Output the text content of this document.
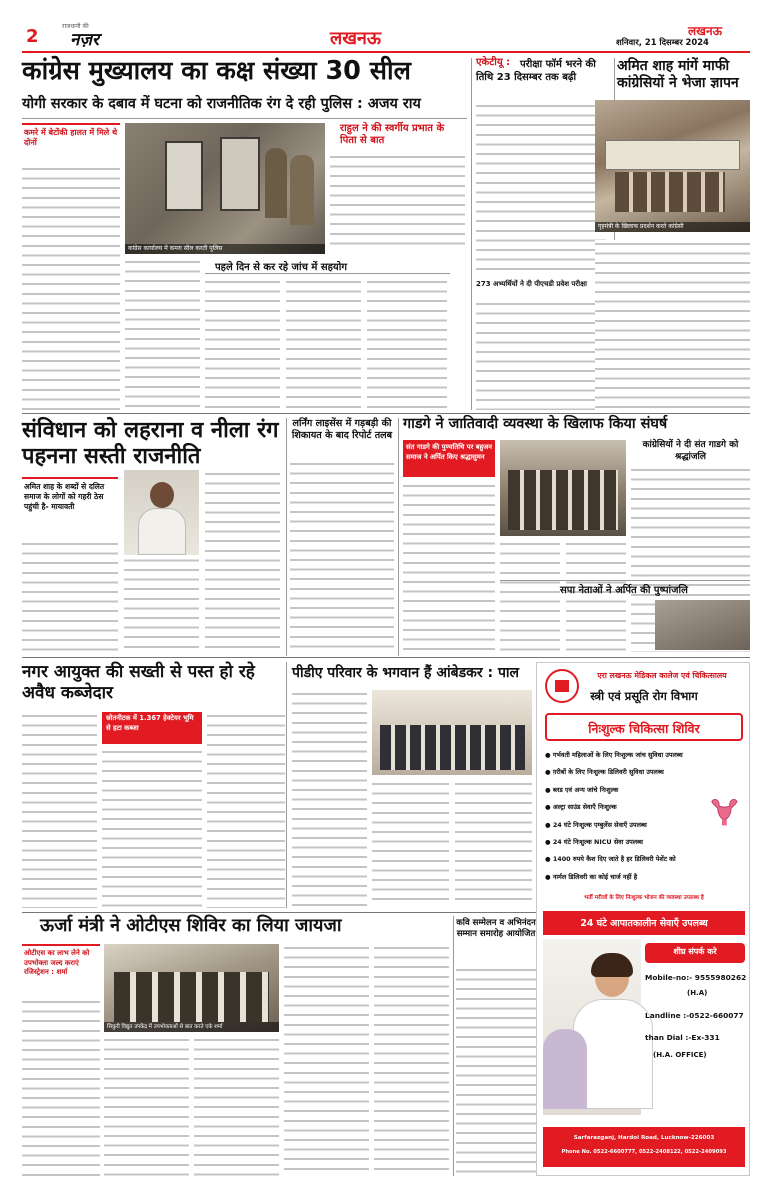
2	राजधानी की
नज़र	लखनऊ	लखनऊ
शनिवार, 21 दिसम्बर 2024
कांग्रेस मुख्यालय का कक्ष संख्या 30 सील
योगी सरकार के दबाव में घटना को राजनीतिक रंग दे रही पुलिस : अजय राय
कमरे में बेटोंकी हालत में मिले थे दोनों
कांग्रेस कार्यालय में कमरा सील करती पुलिस
पहले दिन से कर रहे जांच में सहयोग
राहुल ने की स्वर्गीय प्रभात के पिता से बात
एकेटीयू : परीक्षा फॉर्म भरने की तिथि 23 दिसम्बर तक बढ़ी
273 अभ्यर्थियों ने दी पीएचडी प्रवेश परीक्षा
अमित शाह मांगें माफी कांग्रेसियों ने भेजा ज्ञापन
गृहमंत्री के खिलाफ प्रदर्शन करते कांग्रेसी
संविधान को लहराना व नीला रंग पहनना सस्ती राजनीति
अमित शाह के शब्दों से दलित समाज के लोगों को गहरी ठेस पहुंची है- मायावती
लर्निंग लाइसेंस में गड़बड़ी की शिकायत के बाद रिपोर्ट तलब
गाडगे ने जातिवादी व्यवस्था के खिलाफ किया संघर्ष
संत गाडगे की पुण्यतिथि पर बहुजन समाज ने अर्पित किए श्रद्धासुमन
कांग्रेसियों ने दी संत गाडगे को श्रद्धांजलि
सपा नेताओं ने अर्पित की पुष्पांजलि
नगर आयुक्त की सख्ती से पस्त हो रहे अवैध कब्जेदार
स्रोतनीटक में 1.367 हेक्टेयर भूमि से हटा कब्जा
पीडीए परिवार के भगवान हैं आंबेडकर : पाल
ऊर्जा मंत्री ने ओटीएस शिविर का लिया जायजा
ओटीएस का लाभ लेने को उपभोक्ता जल्द कराएं रजिस्ट्रेशन : शर्मा
सिकुरी विद्युत उपकेंद्र में उपभोक्ताओं से बात करते एके शर्मा
कवि सम्मेलन व अभिनंदन सम्मान समारोह आयोजित
एरा लखनऊ मेडिकल कालेज एवं चिकित्सालय
स्त्री एवं प्रसूति रोग विभाग
निःशुल्क चिकित्सा शिविर
● गर्भवती महिलाओं के लिए निःशुल्क जांच सुविधा उपलब्ध
● ग़रीबों के लिए निःशुल्क डिलिवरी सुविधा उपलब्ध
● ब्लड एवं अन्य जांचे निःशुल्क
● अल्ट्रा साउंड सेवाएँ निःशुल्क
● 24 घंटे निःशुल्क एम्बुलेंस सेवाएँ उपलब्ध
● 24 घंटे निःशुल्क NICU सेवा उपलब्ध
● 1400 रुपये कैश दिए जाते है हर डिलिवरी पेशेंट को
● नार्मल डिलिवरी का कोई चार्ज नहीं है
भर्ती मरीजों के लिए निःशुल्क भोजन की व्यवस्था उपलब्ध है
24 घंटे आपातकालीन सेवाएँ उपलब्ध
शीघ्र संपर्क करे
Mobile-no:- 9555980262
(H.A)
Landline :-0522-660077
than Dial :-Ex-331
(H.A. OFFICE)
Sarfarazganj, Hardoi Road, Lucknow-226003
Phone No. 0522-6600777, 0522-2408122, 0522-2409093
